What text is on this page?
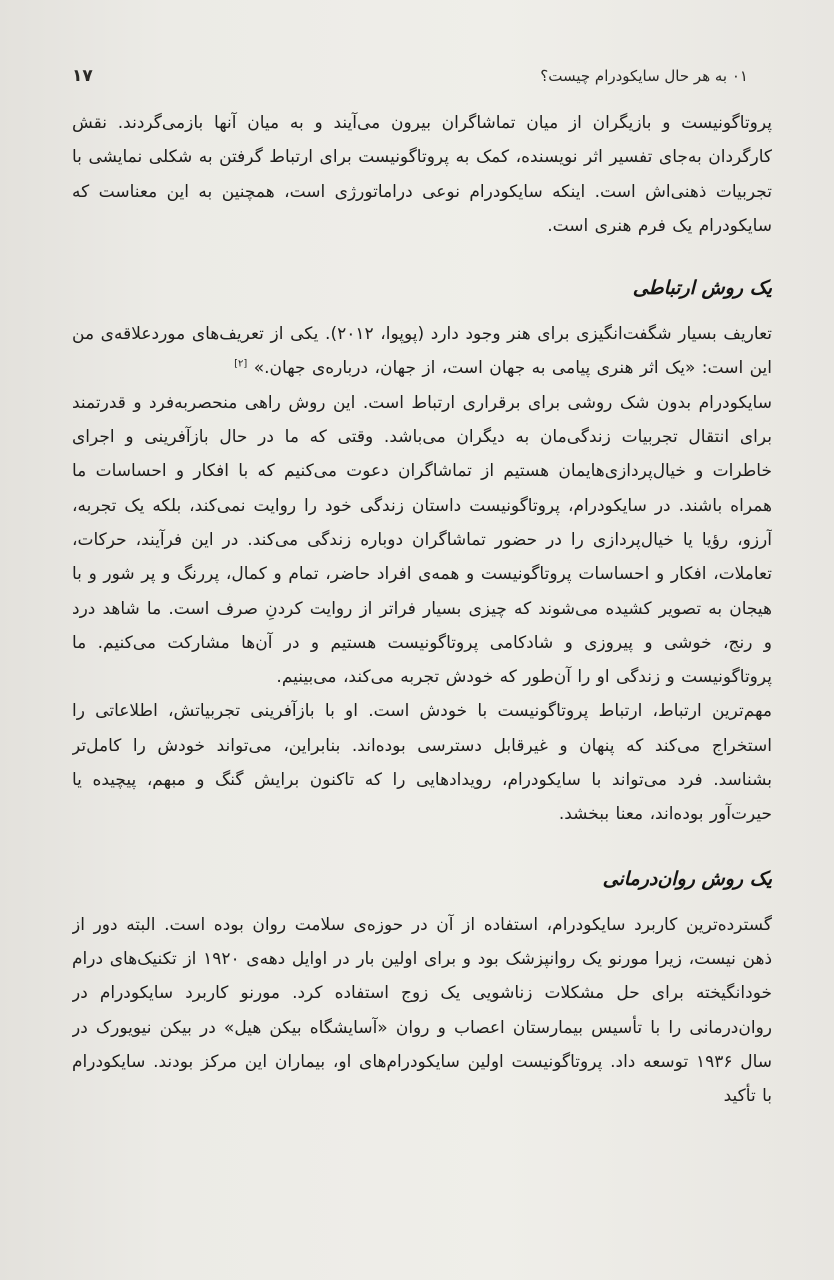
۰۱ به هر حال سایکودرام چیست؟
۱۷

پروتاگونیست و بازیگران از میان تماشاگران بیرون می‌آیند و به میان آنها بازمی‌گردند. نقش کارگردان به‌جای تفسیر اثر نویسنده، کمک به پروتاگونیست برای ارتباط گرفتن به شکلی نمایشی با تجربیات ذهنی‌اش است. اینکه سایکودرام نوعی دراماتورژی است، همچنین به این معناست که سایکودرام یک فرم هنری است.

یک روش ارتباطی

تعاریف بسیار شگفت‌انگیزی برای هنر وجود دارد (پوپوا، ۲۰۱۲). یکی از تعریف‌های موردعلاقه‌ی من این است: «یک اثر هنری پیامی به جهان است، از جهان، درباره‌ی جهان.» [۲]

سایکودرام بدون شک روشی برای برقراری ارتباط است. این روش راهی منحصربه‌فرد و قدرتمند برای انتقال تجربیات زندگی‌مان به دیگران می‌باشد. وقتی که ما در حال بازآفرینی و اجرای خاطرات و خیال‌پردازی‌هایمان هستیم از تماشاگران دعوت می‌کنیم که با افکار و احساسات ما همراه باشند. در سایکودرام، پروتاگونیست داستان زندگی خود را روایت نمی‌کند، بلکه یک تجربه، آرزو، رؤیا یا خیال‌پردازی را در حضور تماشاگران دوباره زندگی می‌کند. در این فرآیند، حرکات، تعاملات، افکار و احساسات پروتاگونیست و همه‌ی افراد حاضر، تمام و کمال، پررنگ و پر شور و با هیجان به تصویر کشیده می‌شوند که چیزی بسیار فراتر از روایت کردنِ صرف است. ما شاهد درد و رنج، خوشی و پیروزی و شادکامی پروتاگونیست هستیم و در آن‌ها مشارکت می‌کنیم. ما پروتاگونیست و زندگی او را آن‌طور که خودش تجربه می‌کند، می‌بینیم.

مهم‌ترین ارتباط، ارتباط پروتاگونیست با خودش است. او با بازآفرینی تجربیاتش، اطلاعاتی را استخراج می‌کند که پنهان و غیرقابل دسترسی بوده‌اند. بنابراین، می‌تواند خودش را کامل‌تر بشناسد. فرد می‌تواند با سایکودرام، رویدادهایی را که تاکنون برایش گنگ و مبهم، پیچیده یا حیرت‌آور بوده‌اند، معنا ببخشد.

یک روش روان‌درمانی

گسترده‌ترین کاربرد سایکودرام، استفاده از آن در حوزه‌ی سلامت روان بوده است. البته دور از ذهن نیست، زیرا مورنو یک روانپزشک بود و برای اولین بار در اوایل دهه‌ی ۱۹۲۰ از تکنیک‌های درام خودانگیخته برای حل مشکلات زناشویی یک زوج استفاده کرد. مورنو کاربرد سایکودرام در روان‌درمانی را با تأسیس بیمارستان اعصاب و روان «آسایشگاه بیکن هیل» در بیکن نیویورک در سال ۱۹۳۶ توسعه داد. پروتاگونیست اولین سایکودرام‌های او، بیماران این مرکز بودند. سایکودرام با تأکید
